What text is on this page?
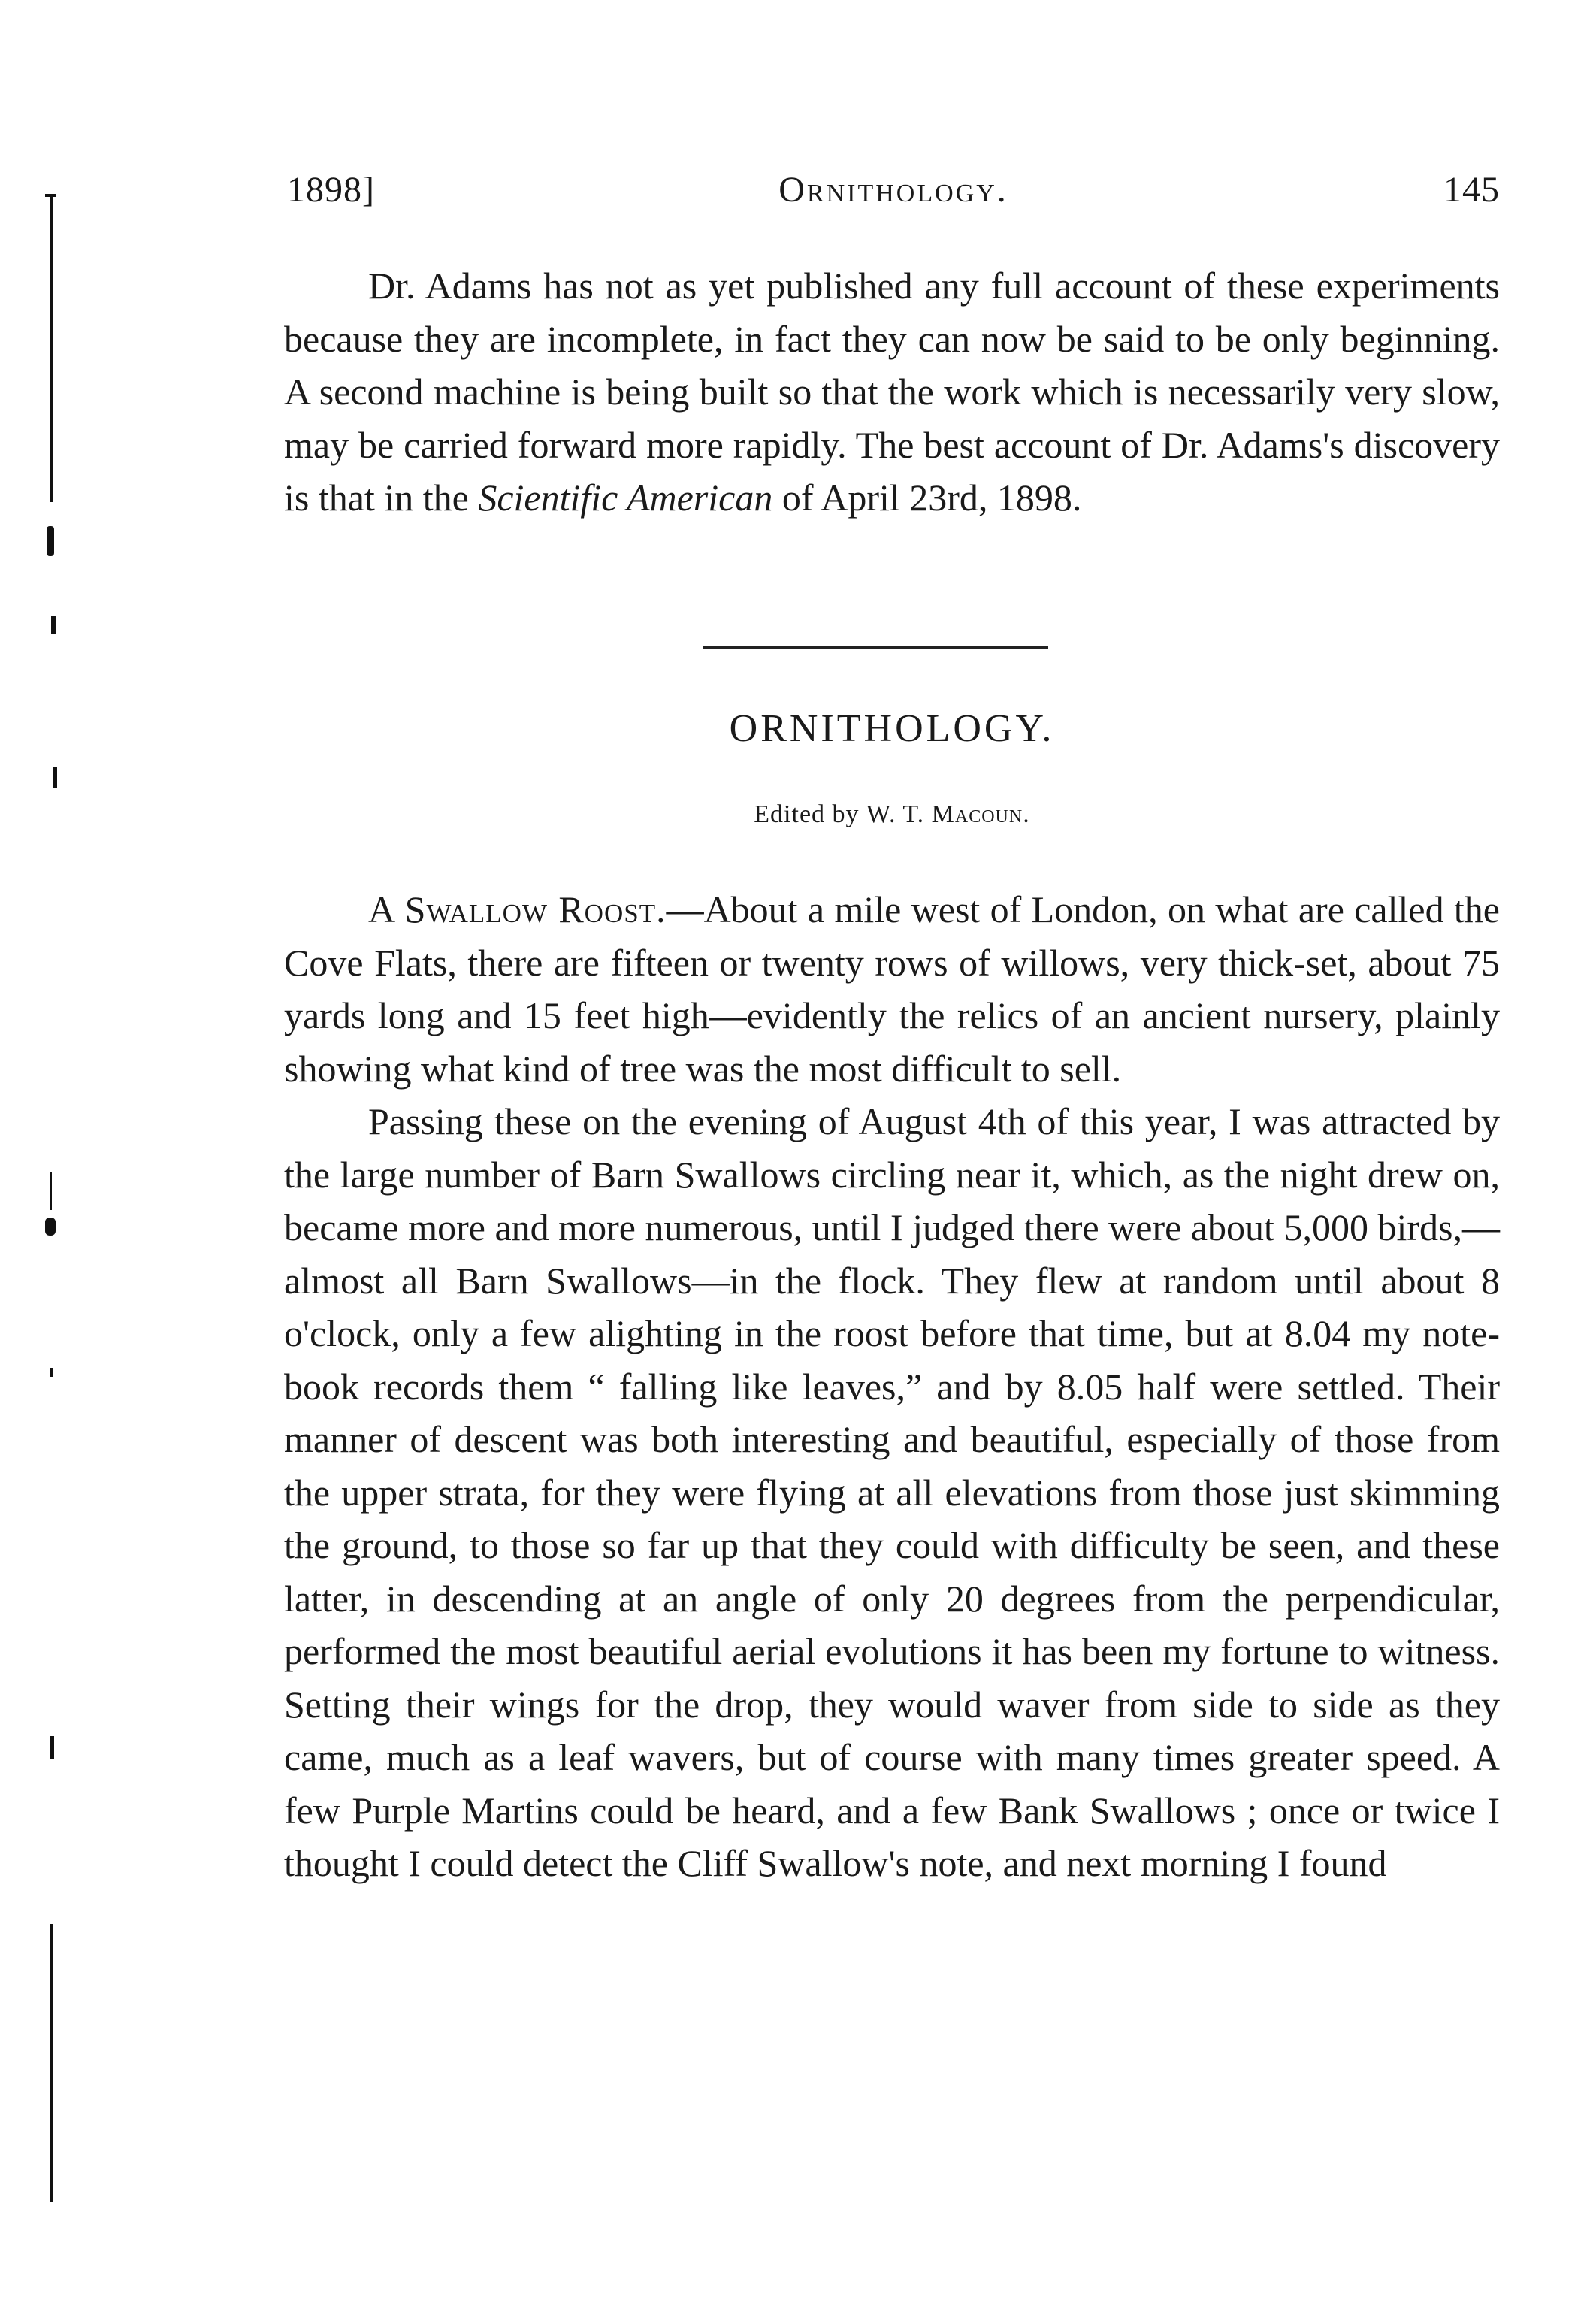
1898]	Ornithology.	145

Dr. Adams has not as yet published any full account of these experiments because they are incomplete, in fact they can now be said to be only beginning. A second machine is being built so that the work which is necessarily very slow, may be carried forward more rapidly. The best account of Dr. Adams's discovery is that in the Scientific American of April 23rd, 1898.

ORNITHOLOGY.
Edited by W. T. Macoun.

A Swallow Roost.—About a mile west of London, on what are called the Cove Flats, there are fifteen or twenty rows of willows, very thick-set, about 75 yards long and 15 feet high—evidently the relics of an ancient nursery, plainly showing what kind of tree was the most difficult to sell.

Passing these on the evening of August 4th of this year, I was attracted by the large number of Barn Swallows circling near it, which, as the night drew on, became more and more numerous, until I judged there were about 5,000 birds,—almost all Barn Swallows—in the flock. They flew at random until about 8 o'clock, only a few alighting in the roost before that time, but at 8.04 my note-book records them “ falling like leaves,” and by 8.05 half were settled. Their manner of descent was both interesting and beautiful, especially of those from the upper strata, for they were flying at all elevations from those just skimming the ground, to those so far up that they could with difficulty be seen, and these latter, in descending at an angle of only 20 degrees from the perpendicular, performed the most beautiful aerial evolutions it has been my fortune to witness. Setting their wings for the drop, they would waver from side to side as they came, much as a leaf wavers, but of course with many times greater speed. A few Purple Martins could be heard, and a few Bank Swallows ; once or twice I thought I could detect the Cliff Swallow's note, and next morning I found
